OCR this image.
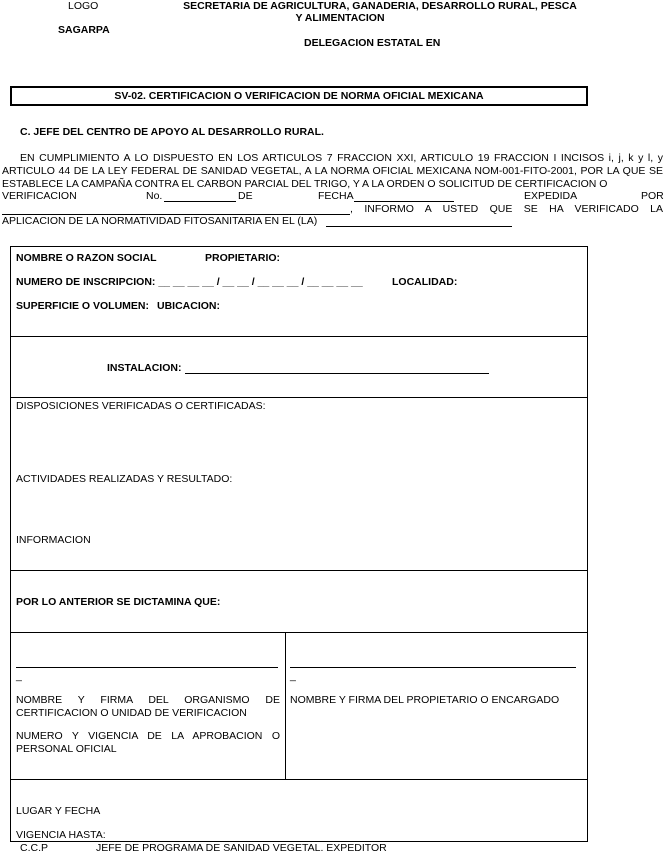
LOGO
SAGARPA
SECRETARIA DE AGRICULTURA, GANADERIA, DESARROLLO RURAL, PESCA
Y ALIMENTACION
DELEGACION ESTATAL EN
SV-02. CERTIFICACION O VERIFICACION DE NORMA OFICIAL MEXICANA
C. JEFE DEL CENTRO DE APOYO AL DESARROLLO RURAL.
EN CUMPLIMIENTO A LO DISPUESTO EN LOS ARTICULOS 7 FRACCION XXI, ARTICULO 19 FRACCION I INCISOS i, j, k y l, y ARTICULO 44 DE LA LEY FEDERAL DE SANIDAD VEGETAL, A LA NORMA OFICIAL MEXICANA NOM-001-FITO-2001, POR LA QUE SE ESTABLECE LA CAMPAÑA CONTRA EL CARBON PARCIAL DEL TRIGO, Y A LA ORDEN O SOLICITUD DE CERTIFICACION O
VERIFICACION	No.	DE	FECHA	EXPEDIDA	POR
, INFORMO A USTED QUE SE HA VERIFICADO LA
APLICACION DE LA NORMATIVIDAD FITOSANITARIA EN EL (LA)
NOMBRE O RAZON SOCIAL	PROPIETARIO:
NUMERO DE INSCRIPCION: __ __ __ __ / __ __ / __ __ __ / __ __ __ __	LOCALIDAD:
SUPERFICIE O VOLUMEN: UBICACION:
INSTALACION:
DISPOSICIONES VERIFICADAS O CERTIFICADAS:
ACTIVIDADES REALIZADAS Y RESULTADO:
INFORMACION
POR LO ANTERIOR SE DICTAMINA QUE:
_
NOMBRE Y FIRMA DEL ORGANISMO DE CERTIFICACION O UNIDAD DE VERIFICACION
NUMERO Y VIGENCIA DE LA APROBACION O PERSONAL OFICIAL
_
NOMBRE Y FIRMA DEL PROPIETARIO O ENCARGADO
LUGAR Y FECHA
VIGENCIA HASTA:
C.C.P	JEFE DE PROGRAMA DE SANIDAD VEGETAL. EXPEDITOR
